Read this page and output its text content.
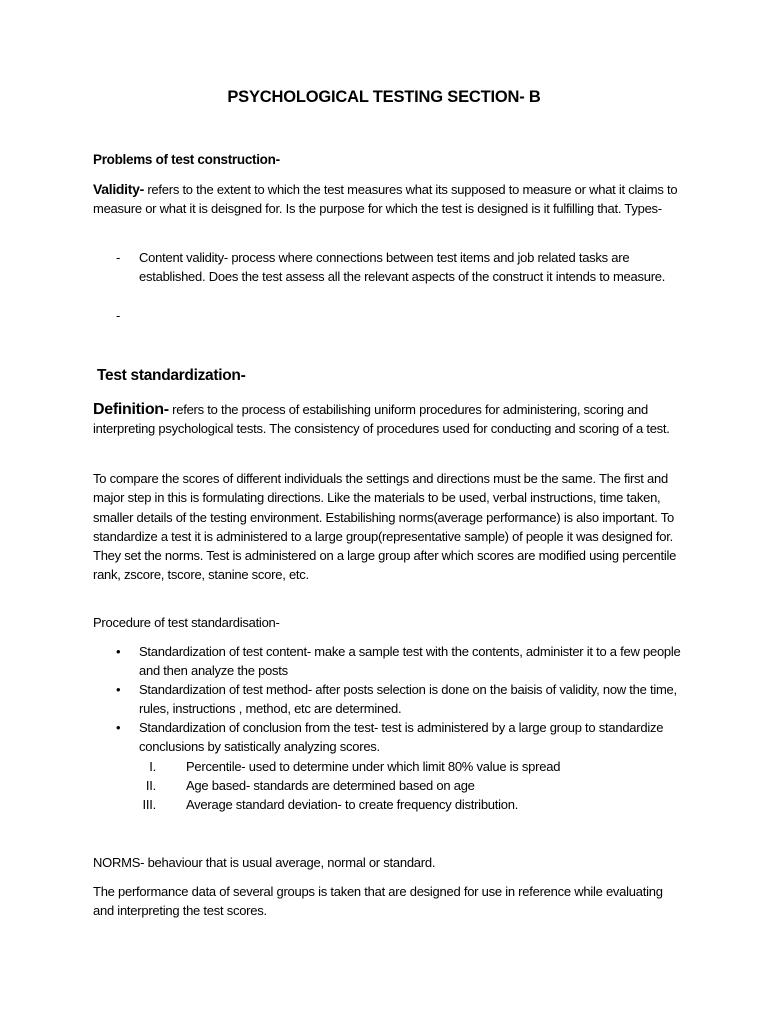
PSYCHOLOGICAL TESTING SECTION- B
Problems of test construction-
Validity- refers to the extent to which the test measures what its supposed to measure or what it claims to measure or what it is deisgned for. Is the purpose for which the test is designed is it fulfilling that. Types-
- Content validity- process where connections between test items and job related tasks are established. Does the test assess all the relevant aspects of the construct it intends to measure.
-
Test standardization-
Definition- refers to the process of estabilishing uniform procedures for administering, scoring and interpreting psychological tests. The consistency of procedures used for conducting and scoring of a test.
To compare the scores of different individuals the settings and directions must be the same. The first and major step in this is formulating directions. Like the materials to be used, verbal instructions, time taken, smaller details of the testing environment. Estabilishing norms(average performance) is also important. To standardize a test it is administered to a large group(representative sample) of people it was designed for. They set the norms. Test is administered on a large group after which scores are modified using percentile rank, zscore, tscore, stanine score, etc.
Procedure of test standardisation-
• Standardization of test content- make a sample test with the contents, administer it to a few people and then analyze the posts
• Standardization of test method- after posts selection is done on the baisis of validity, now the time, rules, instructions , method, etc are determined.
• Standardization of conclusion from the test- test is administered by a large group to standardize conclusions by satistically analyzing scores.
I. Percentile- used to determine under which limit 80% value is spread
II. Age based- standards are determined based on age
III. Average standard deviation- to create frequency distribution.
NORMS- behaviour that is usual average, normal or standard.
The performance data of several groups is taken that are designed for use in reference while evaluating and interpreting the test scores.
